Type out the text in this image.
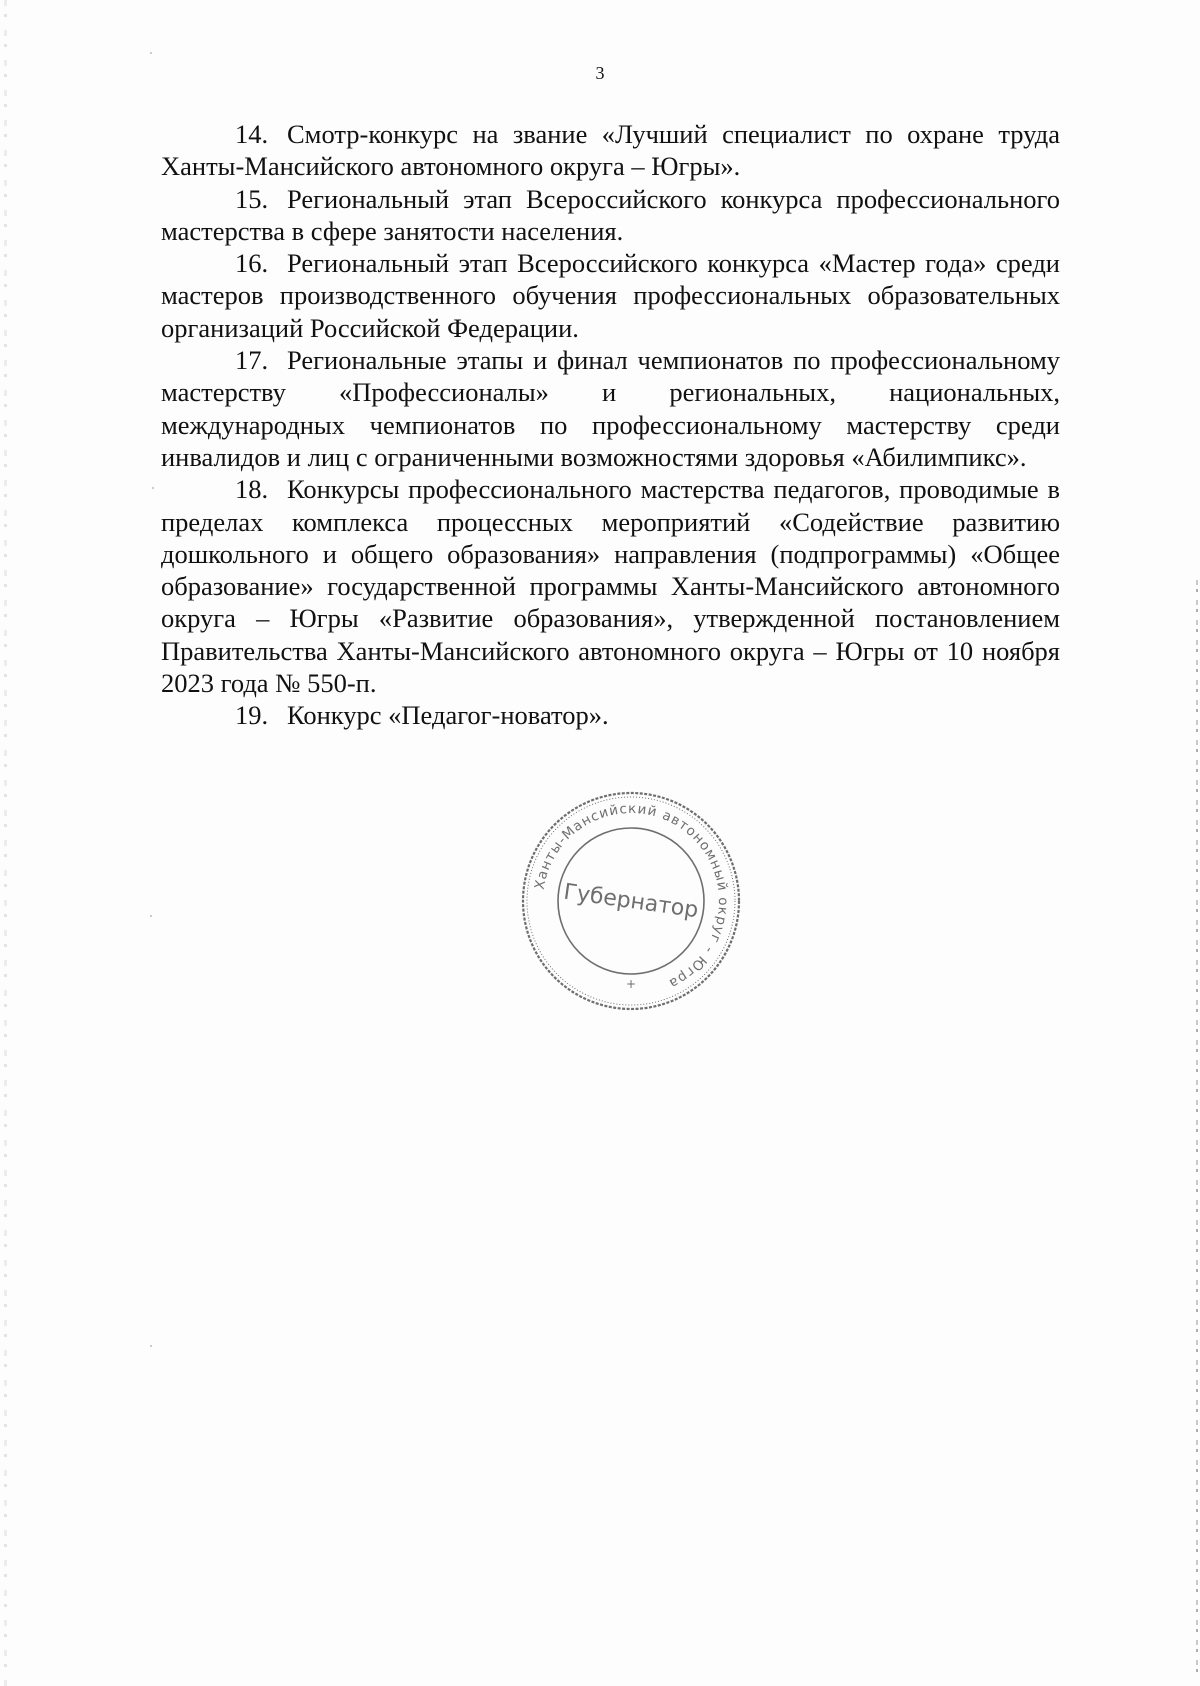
3

14. Смотр-конкурс на звание «Лучший специалист по охране труда Ханты-Мансийского автономного округа – Югры».

15. Региональный этап Всероссийского конкурса профессионального мастерства в сфере занятости населения.

16. Региональный этап Всероссийского конкурса «Мастер года» среди мастеров производственного обучения профессиональных образовательных организаций Российской Федерации.

17. Региональные этапы и финал чемпионатов по профессиональному мастерству «Профессионалы» и региональных, национальных, международных чемпионатов по профессиональному мастерству среди инвалидов и лиц с ограниченными возможностями здоровья «Абилимпикс».

18. Конкурсы профессионального мастерства педагогов, проводимые в пределах комплекса процессных мероприятий «Содействие развитию дошкольного и общего образования» направления (подпрограммы) «Общее образование» государственной программы Ханты-Мансийского автономного округа – Югры «Развитие образования», утвержденной постановлением Правительства Ханты-Мансийского автономного округа – Югры от 10 ноября 2023 года № 550-п.

19. Конкурс «Педагог-новатор».

Ханты-Мансийский автономный округ - Югра
Губернатор
+
